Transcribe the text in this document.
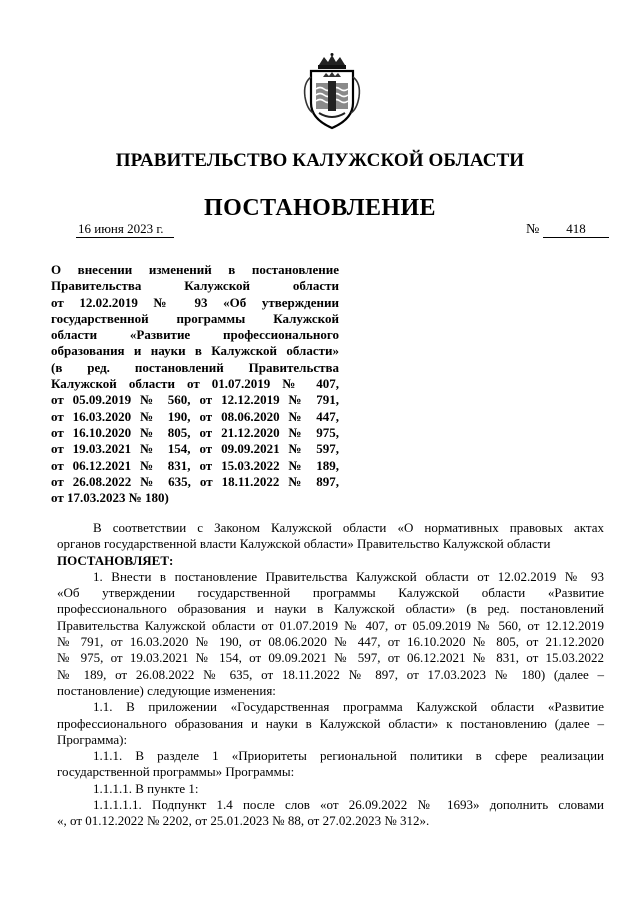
ПРАВИТЕЛЬСТВО КАЛУЖСКОЙ ОБЛАСТИ
ПОСТАНОВЛЕНИЕ
16 июня 2023 г.	№	418
О внесении изменений в постановление
Правительства Калужской области
от 12.02.2019 № 93 «Об утверждении
государственной программы Калужской
области «Развитие профессионального
образования и науки в Калужской области»
(в ред. постановлений Правительства
Калужской области от 01.07.2019 № 407,
от 05.09.2019 № 560, от 12.12.2019 № 791,
от 16.03.2020 № 190, от 08.06.2020 № 447,
от 16.10.2020 № 805, от 21.12.2020 № 975,
от 19.03.2021 № 154, от 09.09.2021 № 597,
от 06.12.2021 № 831, от 15.03.2022 № 189,
от 26.08.2022 № 635, от 18.11.2022 № 897,
от 17.03.2023 № 180)
В соответствии с Законом Калужской области «О нормативных правовых актах
органов государственной власти Калужской области» Правительство Калужской области
ПОСТАНОВЛЯЕТ:
1. Внести в постановление Правительства Калужской области от 12.02.2019 № 93
«Об утверждении государственной программы Калужской области «Развитие
профессионального образования и науки в Калужской области» (в ред. постановлений
Правительства Калужской области от 01.07.2019 № 407, от 05.09.2019 № 560, от 12.12.2019
№ 791, от 16.03.2020 № 190, от 08.06.2020 № 447, от 16.10.2020 № 805, от 21.12.2020
№ 975, от 19.03.2021 № 154, от 09.09.2021 № 597, от 06.12.2021 № 831, от 15.03.2022
№ 189, от 26.08.2022 № 635, от 18.11.2022 № 897, от 17.03.2023 № 180) (далее –
постановление) следующие изменения:
1.1. В приложении «Государственная программа Калужской области «Развитие
профессионального образования и науки в Калужской области» к постановлению (далее –
Программа):
1.1.1. В разделе 1 «Приоритеты региональной политики в сфере реализации
государственной программы» Программы:
1.1.1.1. В пункте 1:
1.1.1.1.1. Подпункт 1.4 после слов «от 26.09.2022 № 1693» дополнить словами
«, от 01.12.2022 № 2202, от 25.01.2023 № 88, от 27.02.2023 № 312».
